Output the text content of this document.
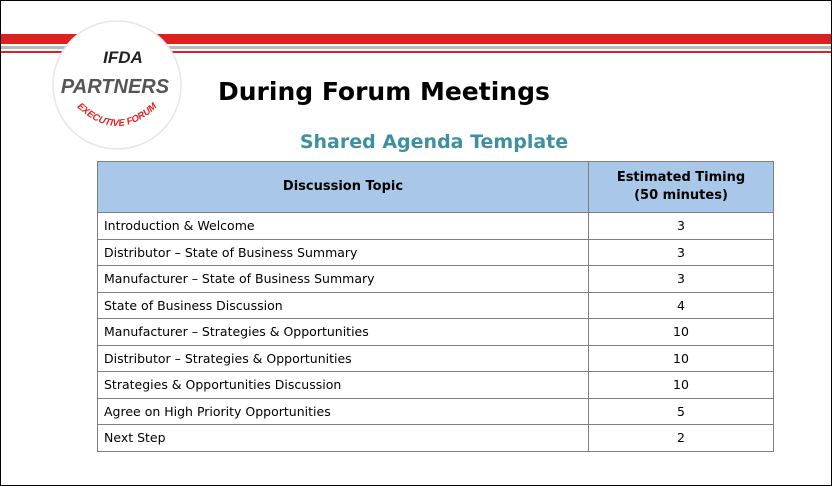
IFDA
PARTNERS
EXECUTIVE FORUM
During Forum Meetings
Shared Agenda Template
Discussion Topic	Estimated Timing
(50 minutes)
Introduction & Welcome	3
Distributor – State of Business Summary	3
Manufacturer – State of Business Summary	3
State of Business Discussion	4
Manufacturer – Strategies & Opportunities	10
Distributor – Strategies & Opportunities	10
Strategies & Opportunities Discussion	10
Agree on High Priority Opportunities	5
Next Step	2
